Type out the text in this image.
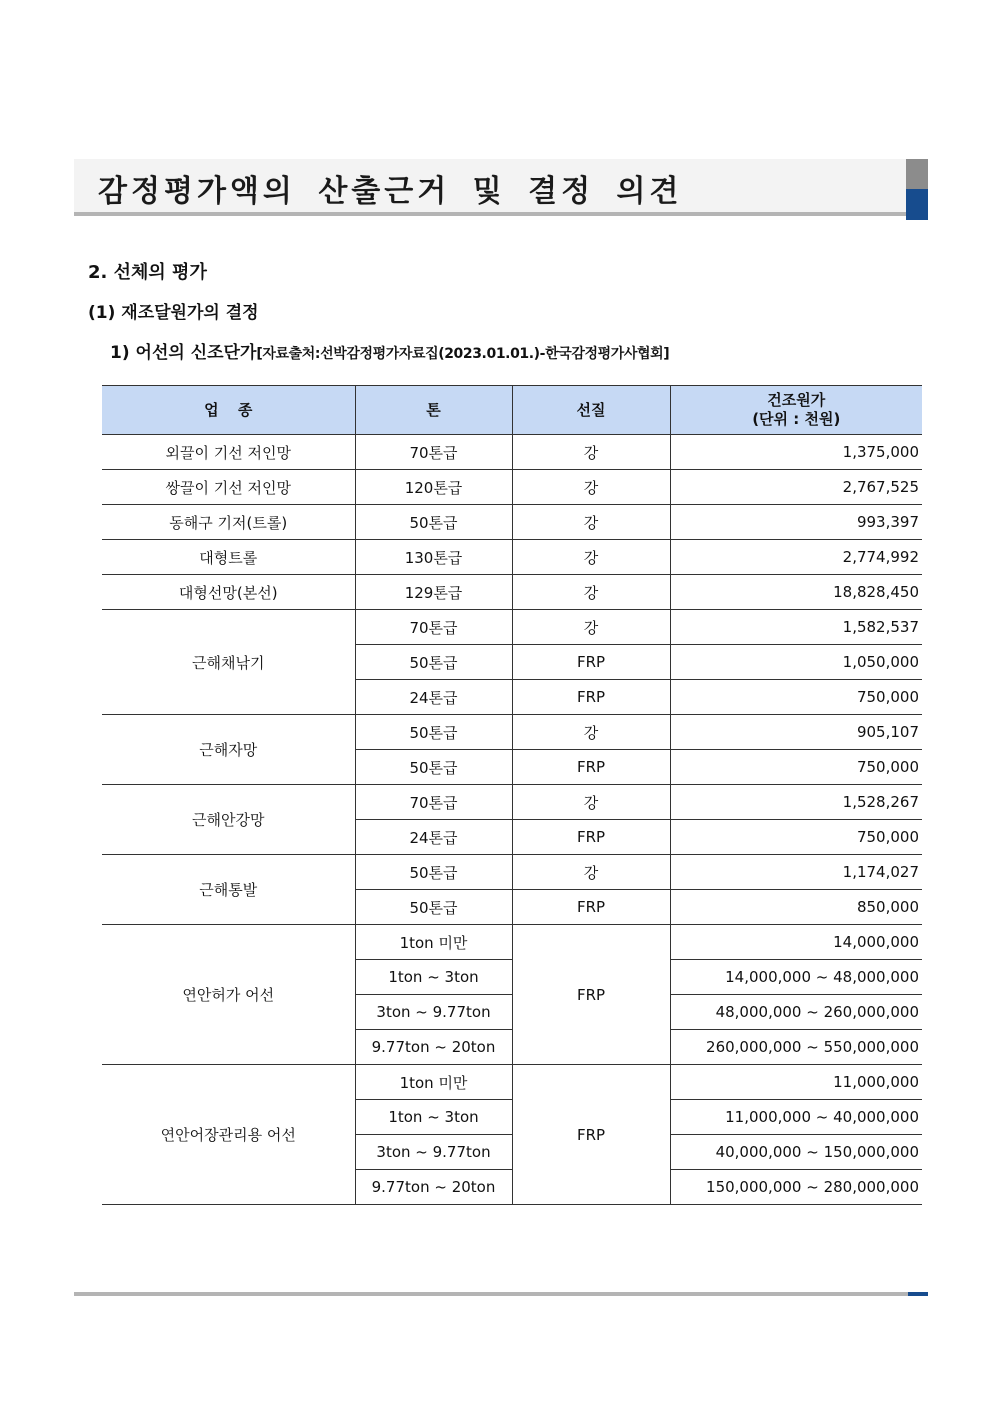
감정평가액의 산출근거 및 결정 의견
2. 선체의 평가
(1) 재조달원가의 결정
1) 어선의 신조단가[자료출처:선박감정평가자료집(2023.01.01.)-한국감정평가사협회]
업 종	톤	선질	건조원가
(단위 : 천원)
외끌이 기선 저인망	70톤급	강	1,375,000
쌍끌이 기선 저인망	120톤급	강	2,767,525
동해구 기저(트롤)	50톤급	강	993,397
대형트롤	130톤급	강	2,774,992
대형선망(본선)	129톤급	강	18,828,450
근해채낚기	70톤급	강	1,582,537
	50톤급	FRP	1,050,000
	24톤급	FRP	750,000
근해자망	50톤급	강	905,107
	50톤급	FRP	750,000
근해안강망	70톤급	강	1,528,267
	24톤급	FRP	750,000
근해통발	50톤급	강	1,174,027
	50톤급	FRP	850,000
연안허가 어선	1ton 미만	FRP	14,000,000
	1ton ~ 3ton		14,000,000 ~ 48,000,000
	3ton ~ 9.77ton		48,000,000 ~ 260,000,000
	9.77ton ~ 20ton		260,000,000 ~ 550,000,000
연안어장관리용 어선	1ton 미만	FRP	11,000,000
	1ton ~ 3ton		11,000,000 ~ 40,000,000
	3ton ~ 9.77ton		40,000,000 ~ 150,000,000
	9.77ton ~ 20ton		150,000,000 ~ 280,000,000
